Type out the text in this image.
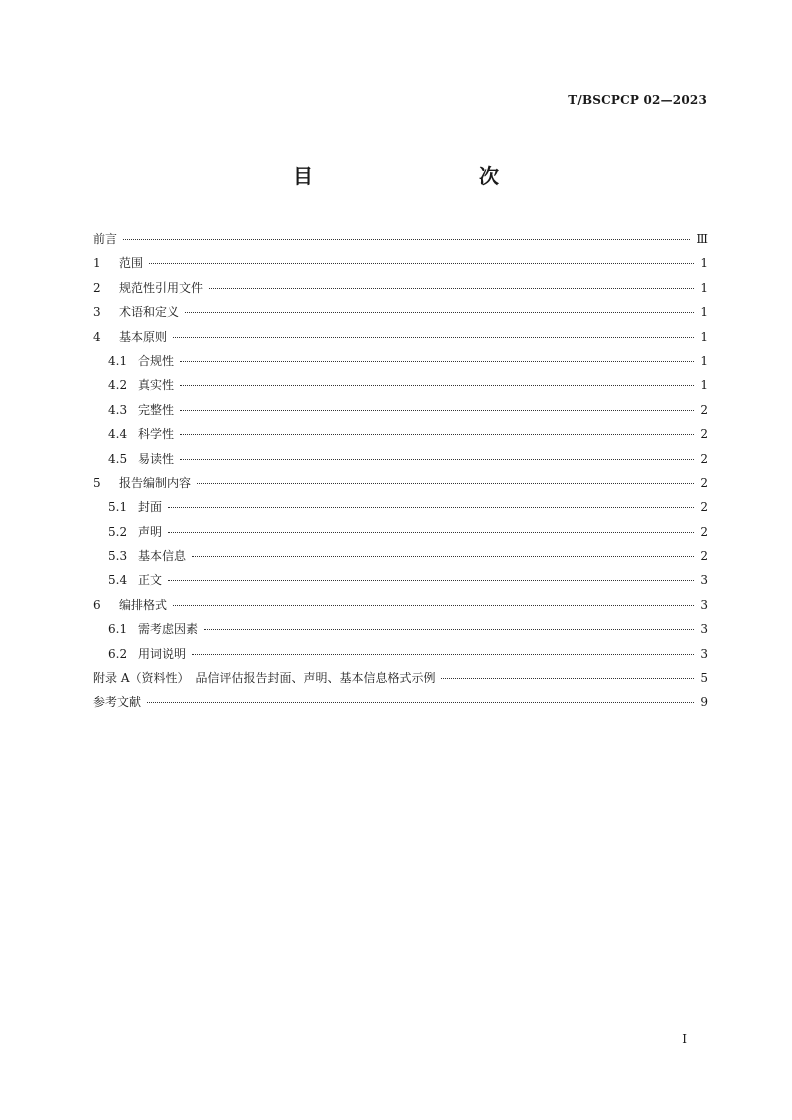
T/BSCPCP 02—2023
目　　次
前言	Ⅲ
1	范围	1
2	规范性引用文件	1
3	术语和定义	1
4	基本原则	1
4.1 合规性	1
4.2 真实性	1
4.3 完整性	2
4.4 科学性	2
4.5 易读性	2
5	报告编制内容	2
5.1 封面	2
5.2 声明	2
5.3 基本信息	2
5.4 正文	3
6	编排格式	3
6.1 需考虑因素	3
6.2 用词说明	3
附录 A（资料性）　品信评估报告封面、声明、基本信息格式示例	5
参考文献	9
I
